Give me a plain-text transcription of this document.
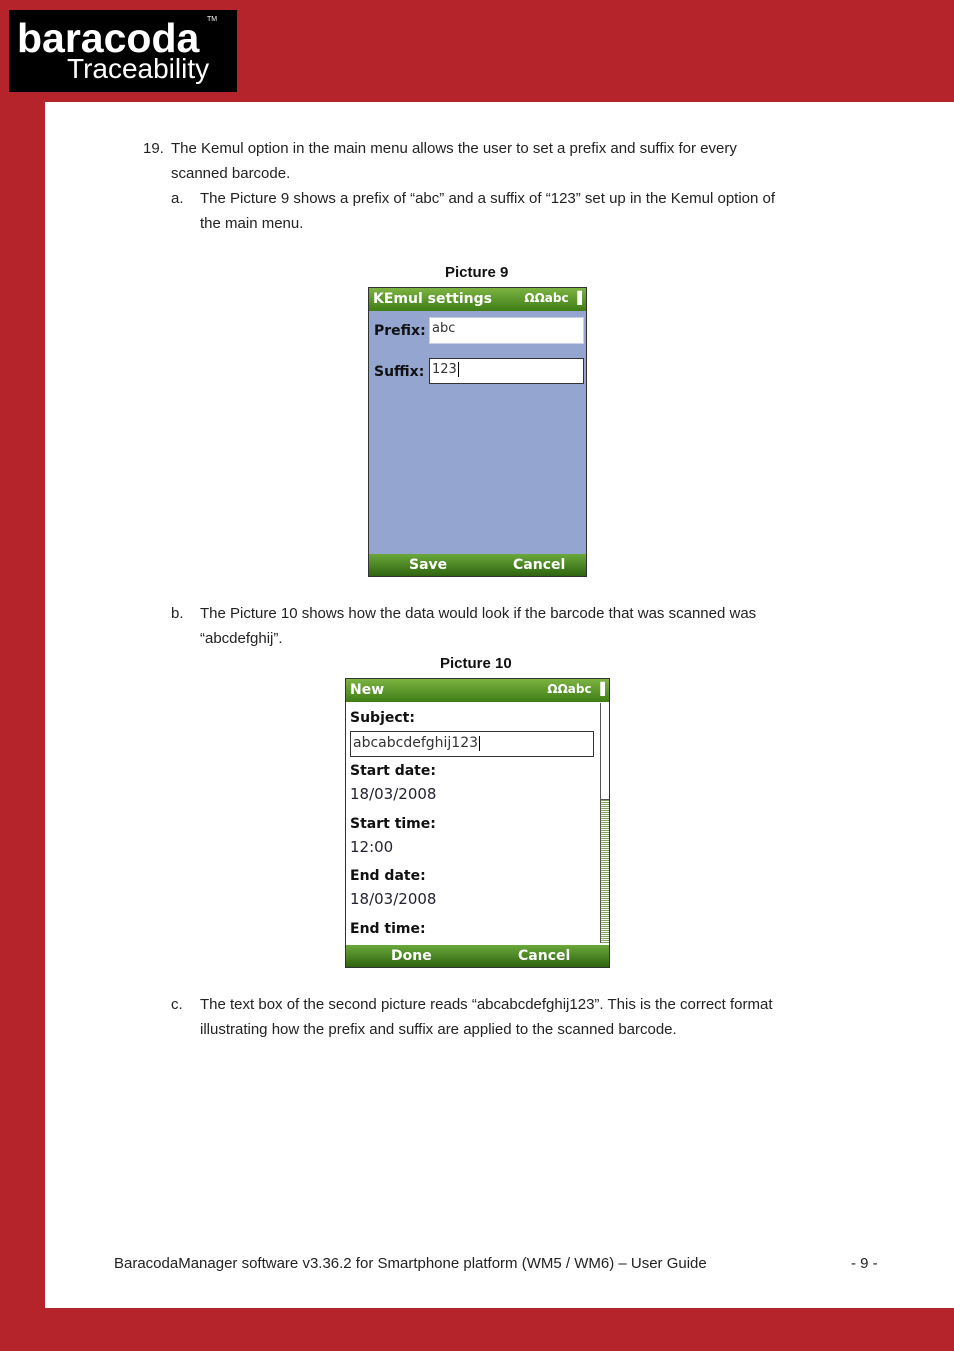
baracoda TM
Traceability
19. The Kemul option in the main menu allows the user to set a prefix and suffix for every
scanned barcode.
a. The Picture 9 shows a prefix of “abc” and a suffix of “123” set up in the Kemul option of
the main menu.
Picture 9
KEmul settings	ΩΩabc ▐
Prefix: abc
Suffix: 123
Save	Cancel
b. The Picture 10 shows how the data would look if the barcode that was scanned was
“abcdefghij”.
Picture 10
New	ΩΩabc ▐
Subject:
abcabcdefghij123
Start date:
18/03/2008
Start time:
12:00
End date:
18/03/2008
End time:
Done	Cancel
c. The text box of the second picture reads “abcabcdefghij123”. This is the correct format
illustrating how the prefix and suffix are applied to the scanned barcode.
BaracodaManager software v3.36.2 for Smartphone platform (WM5 / WM6) – User Guide	- 9 -
